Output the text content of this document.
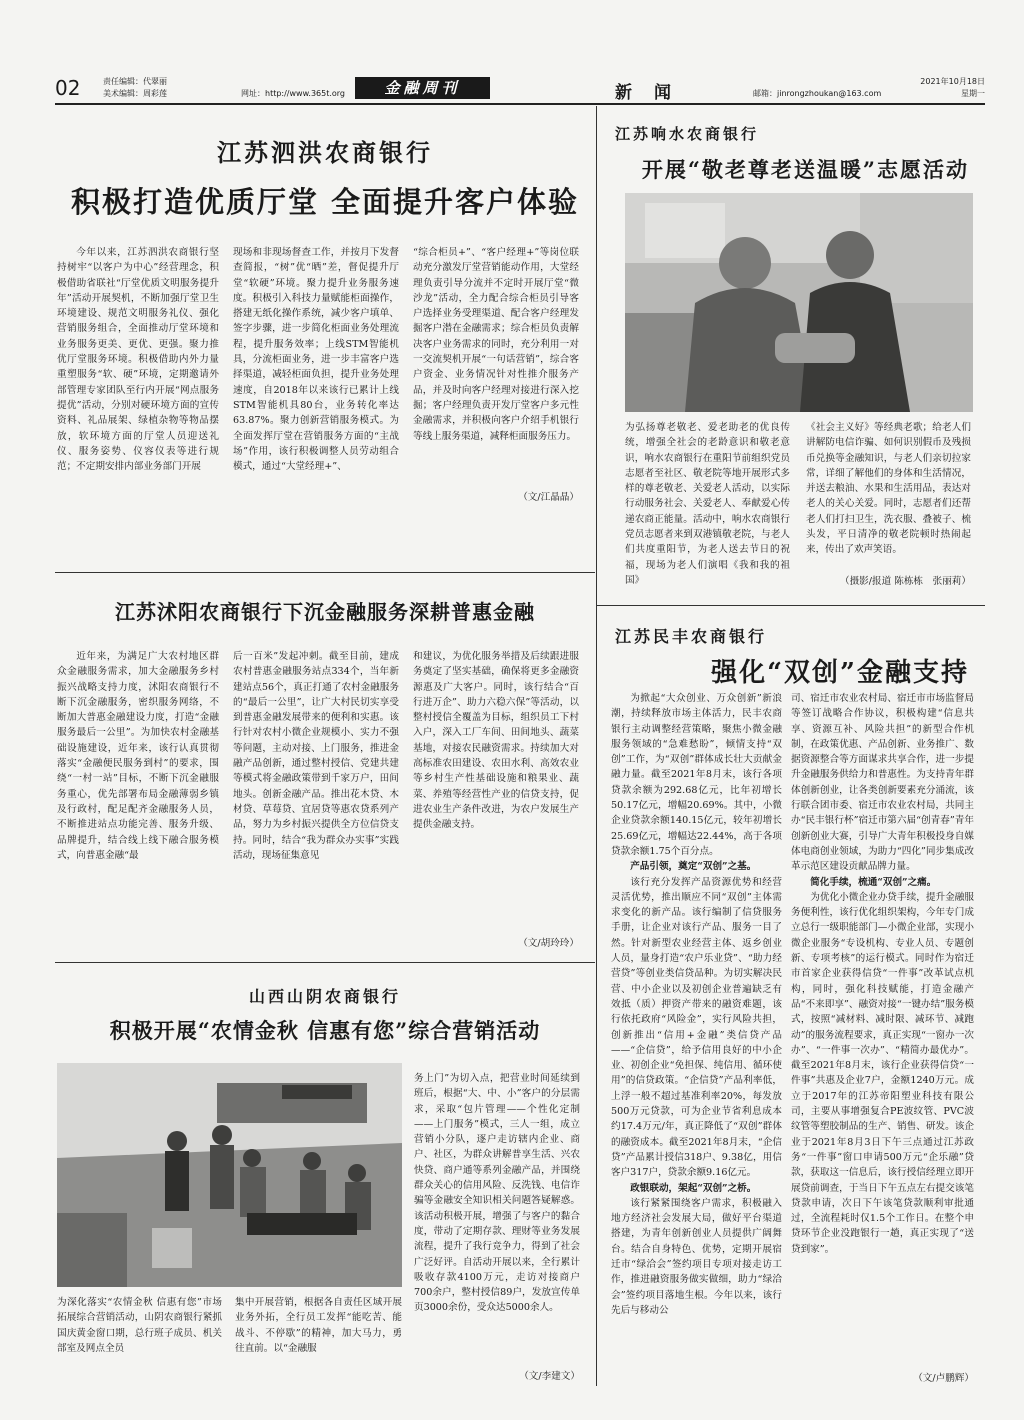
02	责任编辑：代翠丽
美术编辑：周彩莲	网址：http://www.365t.org	金融周刊	新闻	邮箱：jinrongzhoukan@163.com
2021年10月18日
星期一
江苏泗洪农商银行
积极打造优质厅堂 全面提升客户体验
今年以来，江苏泗洪农商银行坚持树牢“以客户为中心”经营理念，积极借助省联社“厅堂优质文明服务提升年”活动开展契机，不断加强厅堂卫生环境建设、规范文明服务礼仪、强化营销服务组合，全面推动厅堂环境和业务服务更美、更优、更强。聚力推优厅堂服务环境。积极借助内外力量重塑服务“软、硬”环境，定期邀请外部管理专家团队至行内开展“网点服务提优”活动，分别对硬环境方面的宣传资料、礼品展架、绿植杂物等物品摆放，软环境方面的厅堂人员迎送礼仪、服务姿势、仪容仪表等进行规范；不定期安排内部业务部门开展
现场和非现场督查工作，并按月下发督查简报，“树”优“晒”差，督促提升厅堂“软硬”环境。聚力提升业务服务速度。积极引入科技力量赋能柜面操作，搭建无纸化操作系统，减少客户填单、签字步骤，进一步简化柜面业务处理流程，提升服务效率；上线STM智能机具，分流柜面业务，进一步丰富客户选择渠道，减轻柜面负担，提升业务处理速度，自2018年以来该行已累计上线STM智能机具80台，业务转化率达63.87%。聚力创新营销服务模式。为全面发挥厅堂在营销服务方面的“主战场”作用，该行积极调整人员劳动组合模式，通过“大堂经理+”、
“综合柜员+”、“客户经理+”等岗位联动充分激发厅堂营销能动作用，大堂经理负责引导分流并不定时开展厅堂“微沙龙”活动，全力配合综合柜员引导客户选择业务受理渠道、配合客户经理发掘客户潜在金融需求；综合柜员负责解决客户业务需求的同时，充分利用一对一交流契机开展“一句话营销”，综合客户资金、业务情况针对性推介服务产品，并及时向客户经理对接进行深入挖掘；客户经理负责开发厅堂客户多元性金融需求，并积极向客户介绍手机银行等线上服务渠道，减释柜面服务压力。
（文/江晶晶）
江苏响水农商银行
开展“敬老尊老送温暖”志愿活动
为弘扬尊老敬老、爱老助老的优良传统，增强全社会的老龄意识和敬老意识，响水农商银行在重阳节前组织党员志愿者至社区、敬老院等地开展形式多样的尊老敬老、关爱老人活动，以实际行动服务社会、关爱老人、奉献爱心传递农商正能量。活动中，响水农商银行党员志愿者来到双港镇敬老院，与老人们共度重阳节，为老人送去节日的祝福，现场为老人们演唱《我和我的祖国》
《社会主义好》等经典老歌；给老人们讲解防电信诈骗、如何识别假币及残损币兑换等金融知识，与老人们亲切拉家常，详细了解他们的身体和生活情况，并送去粮油、水果和生活用品，表达对老人的关心关爱。同时，志愿者们还帮老人们打扫卫生，洗衣服、叠被子、梳头发，平日清净的敬老院顿时热闹起来，传出了欢声笑语。
（摄影/报道 陈栋栋　张丽莉）
江苏沭阳农商银行下沉金融服务深耕普惠金融
近年来，为满足广大农村地区群众金融服务需求，加大金融服务乡村振兴战略支持力度，沭阳农商银行不断下沉金融服务，密织服务网络，不断加大普惠金融建设力度，打造“金融服务最后一公里”。为加快农村金融基础设施建设，近年来，该行认真贯彻落实“金融便民服务到村”的要求，围绕“一村一站”目标，不断下沉金融服务重心，优先部署布局金融薄弱乡镇及行政村，配足配齐金融服务人员，不断推进站点功能完善、服务升级、品牌提升，结合线上线下融合服务模式，向普惠金融“最
后一百米”发起冲刺。截至目前，建成农村普惠金融服务站点334个，当年新建站点56个，真正打通了农村金融服务的“最后一公里”，让广大村民切实享受到普惠金融发展带来的便利和实惠。该行针对农村小微企业规模小、实力不强等问题，主动对接、上门服务，推进金融产品创新，通过整村授信、党建共建等模式将金融政策带到千家万户，田间地头。创新金融产品。推出花木贷、木材贷、草莓贷、宜居贷等惠农贷系列产品，努力为乡村振兴提供全方位信贷支持。同时，结合“我为群众办实事”实践活动，现场征集意见
和建议，为优化服务举措及后续跟进服务奠定了坚实基础，确保将更多金融资源惠及广大客户。同时，该行结合“百行进万企”、助力六稳六保”等活动，以整村授信全覆盖为目标，组织员工下村入户，深入工厂车间、田间地头、蔬菜基地，对接农民融资需求。持续加大对高标准农田建设、农田水利、高效农业等乡村生产性基础设施和粮果业、蔬菜、养殖等经营性产业的信贷支持，促进农业生产条件改进，为农户发展生产提供金融支持。
（文/胡玲玲）
江苏民丰农商银行
强化“双创”金融支持

为掀起“大众创业、万众创新”新浪潮，持续释放市场主体活力，民丰农商银行主动调整经营策略，聚焦小微金融服务领域的“急难愁盼”，倾情支持“双创”工作，为“双创”群体成长壮大贡献金融力量。截至2021年8月末，该行各项贷款余额为292.68亿元，比年初增长50.17亿元，增幅20.69%。其中，小微企业贷款余额140.15亿元，较年初增长25.69亿元，增幅达22.44%，高于各项贷款余额1.75个百分点。

产品引领，奠定“双创”之基。

该行充分发挥产品资源优势和经营灵活优势，推出顺应不同“双创”主体需求变化的新产品。该行编制了信贷服务手册，让企业对该行产品、服务一目了然。针对新型农业经营主体、返乡创业人员，量身打造“农户乐业贷”、“助力经营贷”等创业类信贷品种。为切实解决民营、中小企业以及初创企业普遍缺乏有效抵（质）押资产带来的融资难题，该行依托政府“风险金”，实行风险共担，创新推出“信用+金融”类信贷产品——“企信贷”，给予信用良好的中小企业、初创企业“免担保、纯信用、循环使用”的信贷政策。“企信贷”产品利率低，上浮一般不超过基准利率20%，每发放500万元贷款，可为企业节省利息成本约17.4万元/年，真正降低了“双创”群体的融资成本。截至2021年8月末，“企信贷”产品累计授信318户、9.38亿，用信客户317户，贷款余额9.16亿元。

政银联动，架起“双创”之桥。

该行紧紧围绕客户需求，积极融入地方经济社会发展大局，做好平台渠道搭建，为青年创新创业人员提供广阔舞台。结合自身特色、优势，定期开展宿迁市“绿洽会”签约项目专项对接走访工作，推进融资服务做实做细，助力“绿洽会”签约项目落地生根。今年以来，该行先后与移动公

司、宿迁市农业农村局、宿迁市市场监督局等签订战略合作协议，积极构建“信息共享、资源互补、风险共担”的新型合作机制，在政策优惠、产品创新、业务推广、数据资源整合等方面谋求共享合作，进一步提升金融服务供给力和普惠性。为支持青年群体创新创业，让各类创新要素充分涌流，该行联合团市委、宿迁市农业农村局，共同主办“民丰银行杯”宿迁市第六届“创青春”青年创新创业大赛，引导广大青年积极投身自媒体电商创业领域，为助力“四化”同步集成改革示范区建设贡献品牌力量。

简化手续，梳通“双创”之痛。

为优化小微企业办贷手续，提升金融服务便利性，该行优化组织架构，今年专门成立总行一级职能部门—小微企业部，实现小微企业服务“专设机构、专业人员、专题创新、专项考核”的运行模式。同时作为宿迁市首家企业获得信贷“一件事”改革试点机构，同时，强化科技赋能，打造金融产品“不来即享”、融资对接“一键办结”服务模式，按照“减材料、减时限、减环节、减跑动”的服务流程要求，真正实现“一窗办一次办”、“一件事一次办”、“精简办最优办”。截至2021年8月末，该行企业获得信贷“一件事”共惠及企业7户，金额1240万元。成立于2017年的江苏帝阳塑业科技有限公司，主要从事增强复合PE波纹管、PVC波纹管等塑胶制品的生产、销售、研发。该企业于2021年8月3日下午三点通过江苏政务“一件事”窗口申请500万元“企乐融”贷款，获取这一信息后，该行授信经理立即开展贷前调查，于当日下午五点左右提交该笔贷款申请，次日下午该笔贷款顺利审批通过，全流程耗时仅1.5个工作日。在整个申贷环节企业没跑银行一趟，真正实现了“送贷到家”。

（文/卢鹏辉）
山西山阴农商银行
积极开展“农情金秋 信惠有您”综合营销活动
为深化落实“农情金秋 信惠有您”市场拓展综合营销活动，山阴农商银行紧抓国庆黄金窗口期，总行班子成员、机关部室及网点全员
集中开展营销，根据各自责任区域开展业务外拓，全行员工发挥“能吃苦、能战斗、不停歇”的精神，加大马力，勇往直前。以“金融服
务上门”为切入点，把营业时间延续到班后，根据“大、中、小”客户的分层需求，采取“包片管理——个性化定制——上门服务”模式，三人一组，成立营销小分队，逐户走访辖内企业、商户、社区，为群众讲解普享生活、兴农快贷、商户通等系列金融产品，并围绕群众关心的信用风险、反洗钱、电信诈骗等金融安全知识相关问题答疑解惑。该活动积极开展，增强了与客户的黏合度，带动了定期存款、理财等业务发展流程，提升了我行竞争力，得到了社会广泛好评。自活动开展以来，全行累计吸收存款4100万元，走访对接商户700余户，整村授信89户，发放宣传单页3000余份，受众达5000余人。
（文/李建文）
